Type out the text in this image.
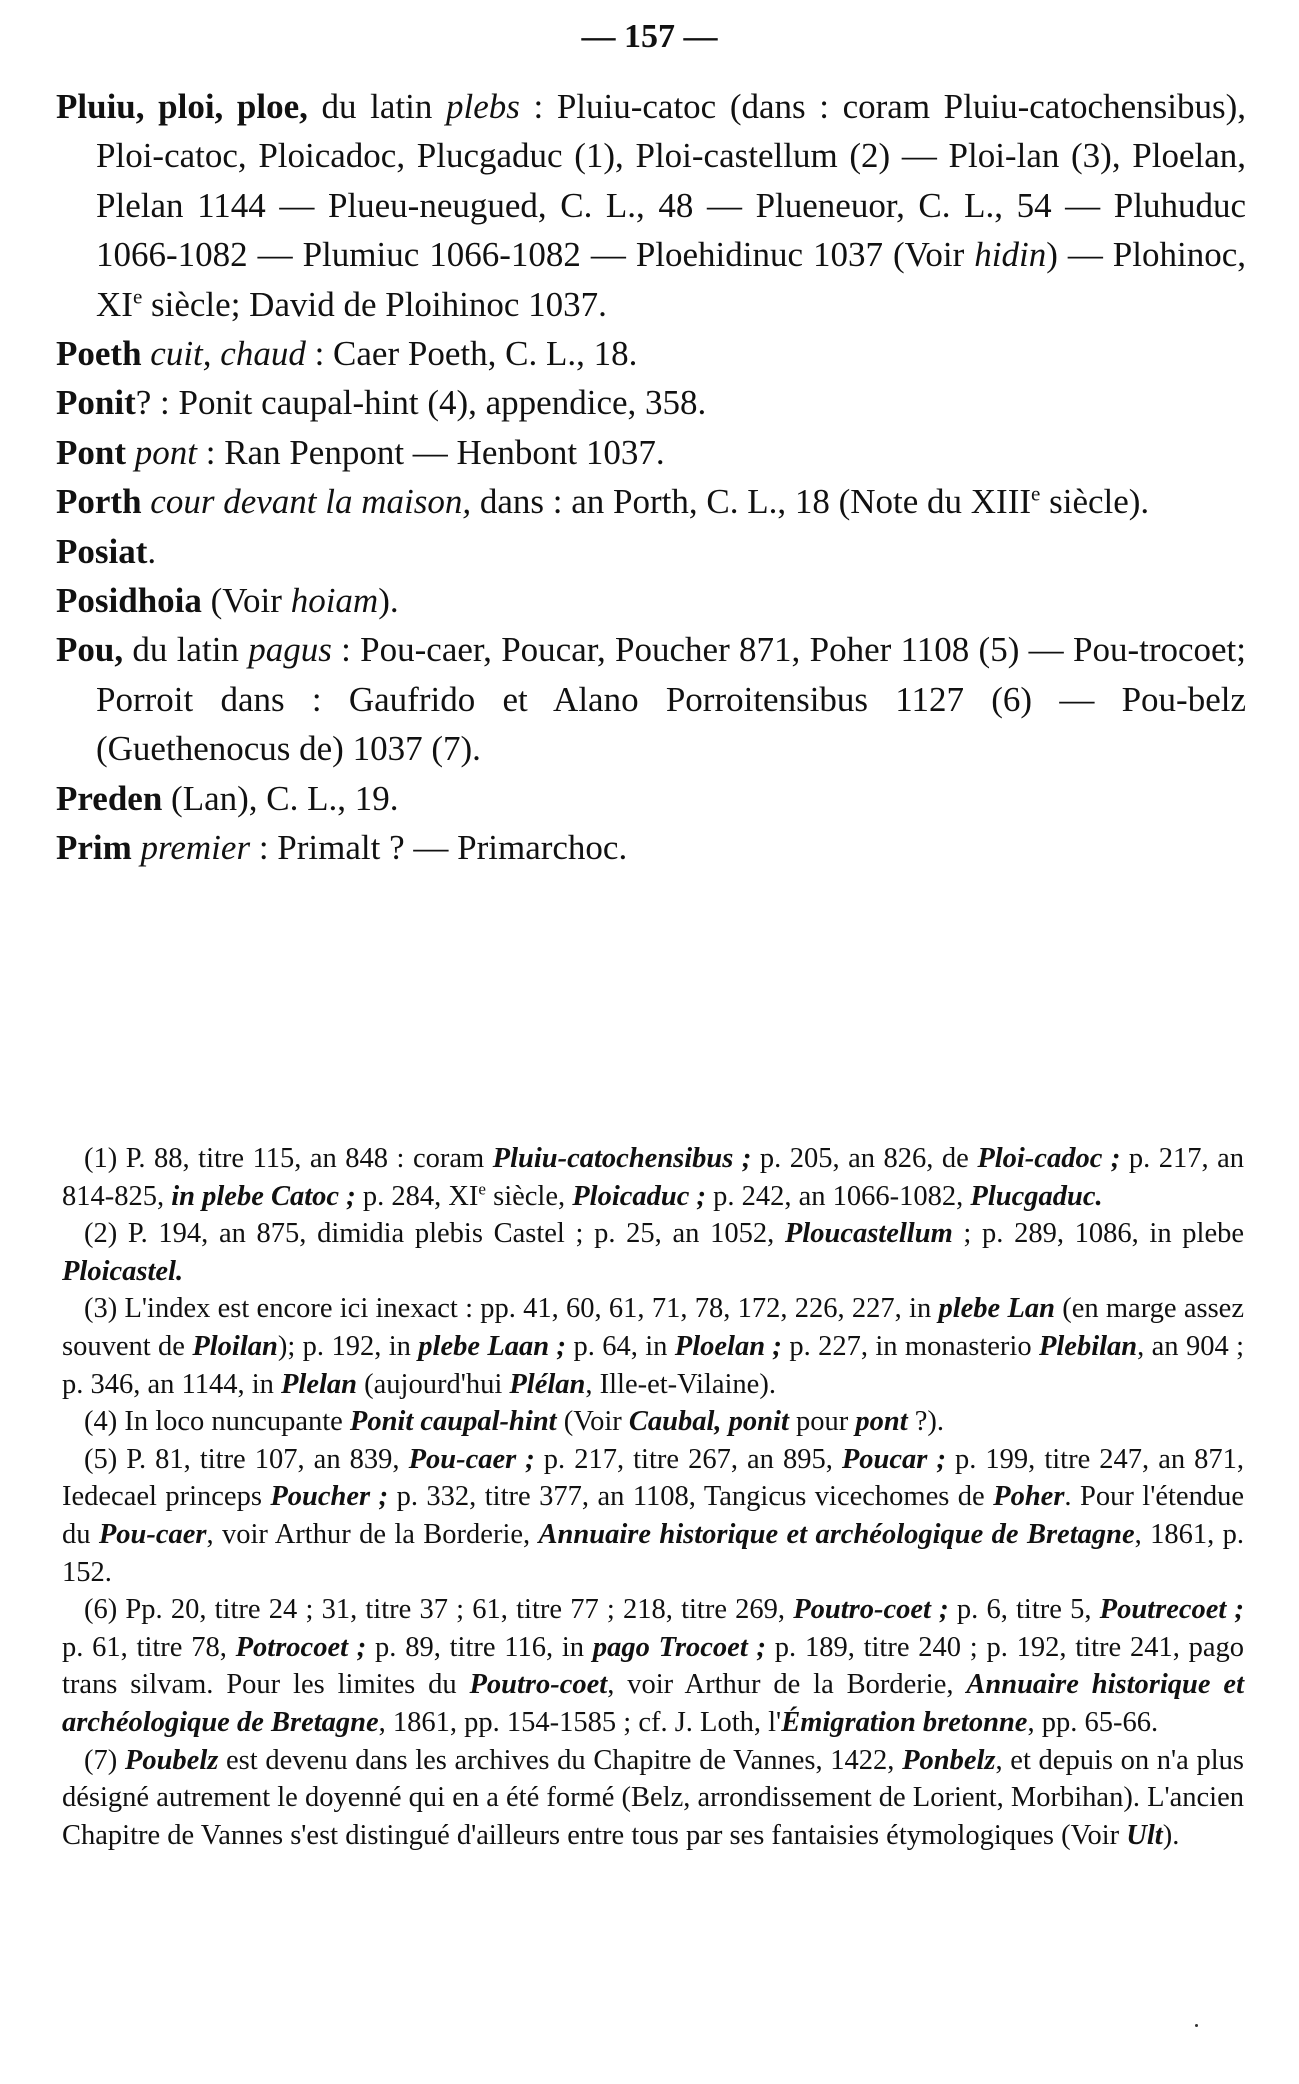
— 157 —

Pluiu, ploi, ploe, du latin plebs : Pluiu-catoc (dans : coram Pluiu-catochensibus), Ploi-catoc, Ploicadoc, Plucgaduc (1), Ploi-castellum (2) — Ploi-lan (3), Ploelan, Plelan 1144 — Plueu-neugued, C. L., 48 — Plueneuor, C. L., 54 — Pluhuduc 1066-1082 — Plumiuc 1066-1082 — Ploehidinuc 1037 (Voir hidin) — Plohinoc, XIe siècle; David de Ploihinoc 1037.

Poeth cuit, chaud : Caer Poeth, C. L., 18.

Ponit? : Ponit caupal-hint (4), appendice, 358.

Pont pont : Ran Penpont — Henbont 1037.

Porth cour devant la maison, dans : an Porth, C. L., 18 (Note du XIIIe siècle).

Posiat.

Posidhoia (Voir hoiam).

Pou, du latin pagus : Pou-caer, Poucar, Poucher 871, Poher 1108 (5) — Pou-trocoet; Porroit dans : Gaufrido et Alano Porroitensibus 1127 (6) — Pou-belz (Guethenocus de) 1037 (7).

Preden (Lan), C. L., 19.

Prim premier : Primalt ? — Primarchoc.

(1) P. 88, titre 115, an 848 : coram Pluiu-catochensibus ; p. 205, an 826, de Ploi-cadoc ; p. 217, an 814-825, in plebe Catoc ; p. 284, XIe siècle, Ploicaduc ; p. 242, an 1066-1082, Plucgaduc.

(2) P. 194, an 875, dimidia plebis Castel ; p. 25, an 1052, Ploucastellum ; p. 289, 1086, in plebe Ploicastel.

(3) L'index est encore ici inexact : pp. 41, 60, 61, 71, 78, 172, 226, 227, in plebe Lan (en marge assez souvent de Ploilan); p. 192, in plebe Laan ; p. 64, in Ploelan ; p. 227, in monasterio Plebilan, an 904 ; p. 346, an 1144, in Plelan (aujourd'hui Plélan, Ille-et-Vilaine).

(4) In loco nuncupante Ponit caupal-hint (Voir Caubal, ponit pour pont ?).

(5) P. 81, titre 107, an 839, Pou-caer ; p. 217, titre 267, an 895, Poucar ; p. 199, titre 247, an 871, Iedecael princeps Poucher ; p. 332, titre 377, an 1108, Tangicus vicechomes de Poher. Pour l'étendue du Pou-caer, voir Arthur de la Borderie, Annuaire historique et archéologique de Bretagne, 1861, p. 152.

(6) Pp. 20, titre 24 ; 31, titre 37 ; 61, titre 77 ; 218, titre 269, Poutro-coet ; p. 6, titre 5, Poutrecoet ; p. 61, titre 78, Potrocoet ; p. 89, titre 116, in pago Trocoet ; p. 189, titre 240 ; p. 192, titre 241, pago trans silvam. Pour les limites du Poutro-coet, voir Arthur de la Borderie, Annuaire historique et archéologique de Bretagne, 1861, pp. 154-1585 ; cf. J. Loth, l'Émigration bretonne, pp. 65-66.

(7) Poubelz est devenu dans les archives du Chapitre de Vannes, 1422, Ponbelz, et depuis on n'a plus désigné autrement le doyenné qui en a été formé (Belz, arrondissement de Lorient, Morbihan). L'ancien Chapitre de Vannes s'est distingué d'ailleurs entre tous par ses fantaisies étymologiques (Voir Ult).
